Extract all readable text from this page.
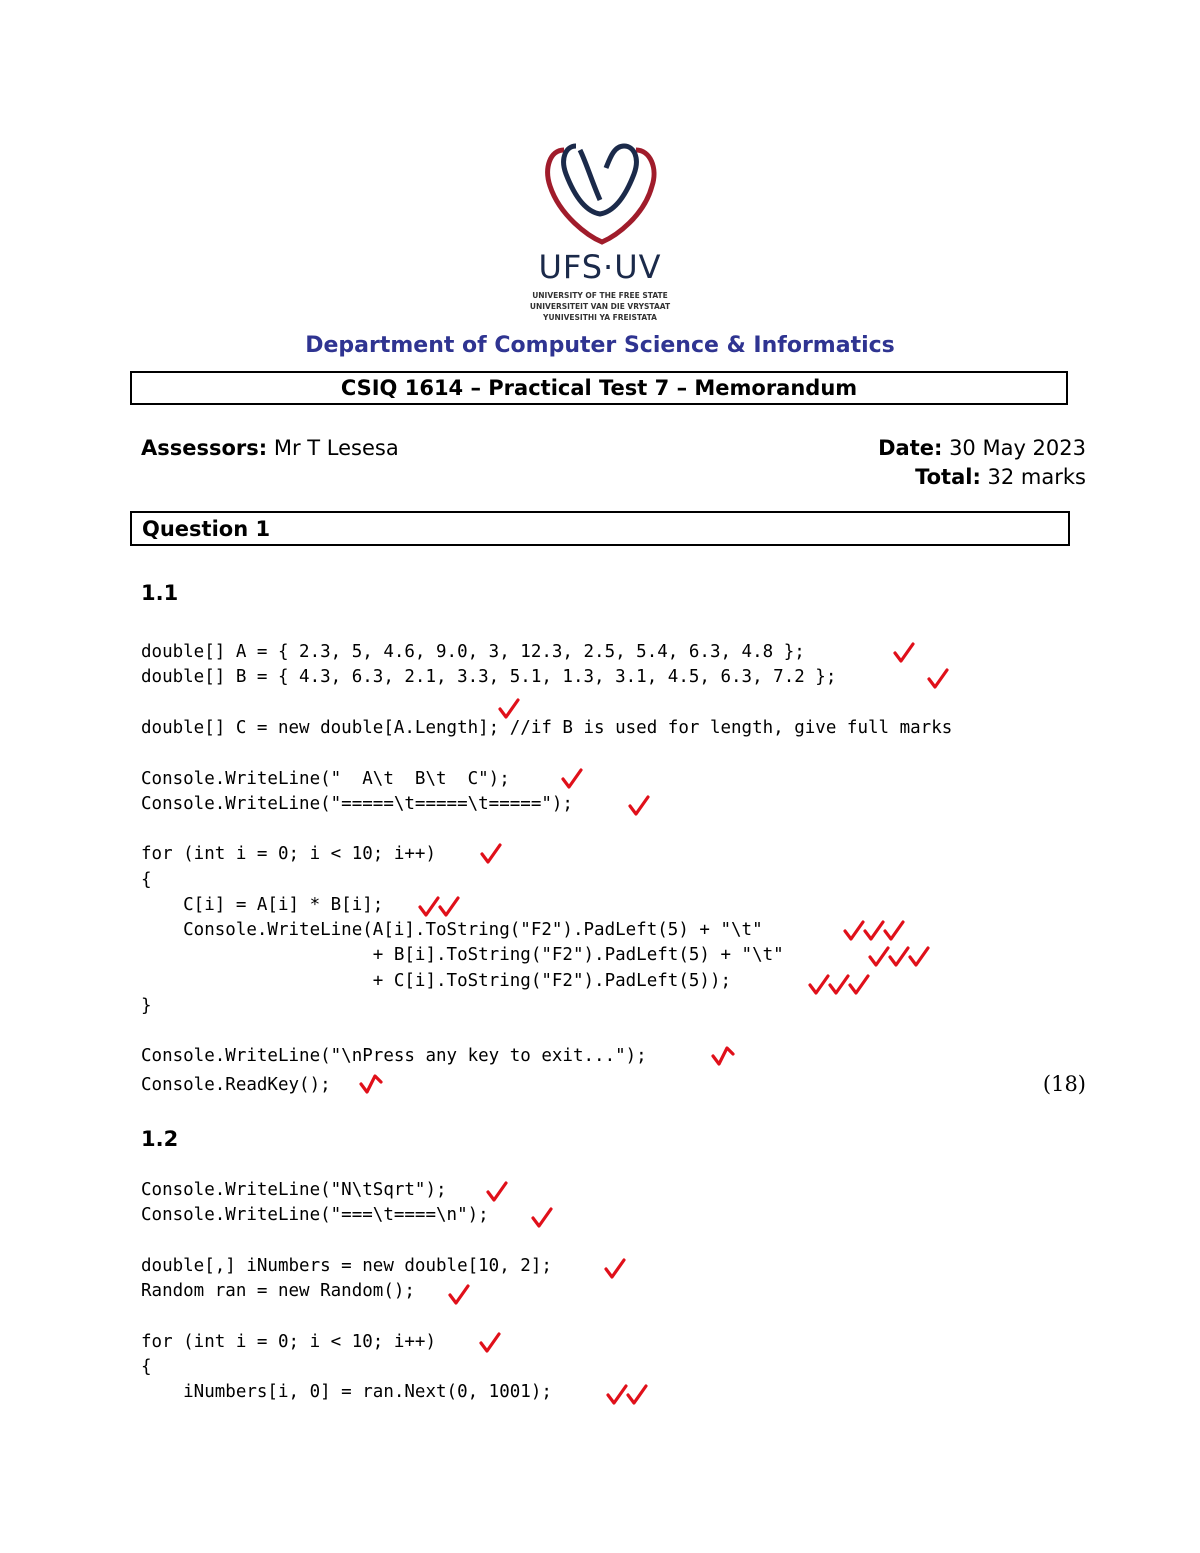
UFS·UV
UNIVERSITY OF THE FREE STATE
UNIVERSITEIT VAN DIE VRYSTAAT
YUNIVESITHI YA FREISTATA
Department of Computer Science & Informatics
CSIQ 1614 – Practical Test 7 – Memorandum
Assessors: Mr T Lesesa	Date: 30 May 2023
Total: 32 marks
Question 1
1.1
double[] A = { 2.3, 5, 4.6, 9.0, 3, 12.3, 2.5, 5.4, 6.3, 4.8 };
double[] B = { 4.3, 6.3, 2.1, 3.3, 5.1, 1.3, 3.1, 4.5, 6.3, 7.2 };
double[] C = new double[A.Length]; //if B is used for length, give full marks
Console.WriteLine("  A\t  B\t  C");
Console.WriteLine("=====\t=====\t=====");
for (int i = 0; i < 10; i++)
{
C[i] = A[i] * B[i];
Console.WriteLine(A[i].ToString("F2").PadLeft(5) + "\t"
+ B[i].ToString("F2").PadLeft(5) + "\t"
+ C[i].ToString("F2").PadLeft(5));
}
Console.WriteLine("\nPress any key to exit...");
Console.ReadKey();	(18)
1.2
Console.WriteLine("N\tSqrt");
Console.WriteLine("===\t====\n");
double[,] iNumbers = new double[10, 2];
Random ran = new Random();
for (int i = 0; i < 10; i++)
{
iNumbers[i, 0] = ran.Next(0, 1001);
